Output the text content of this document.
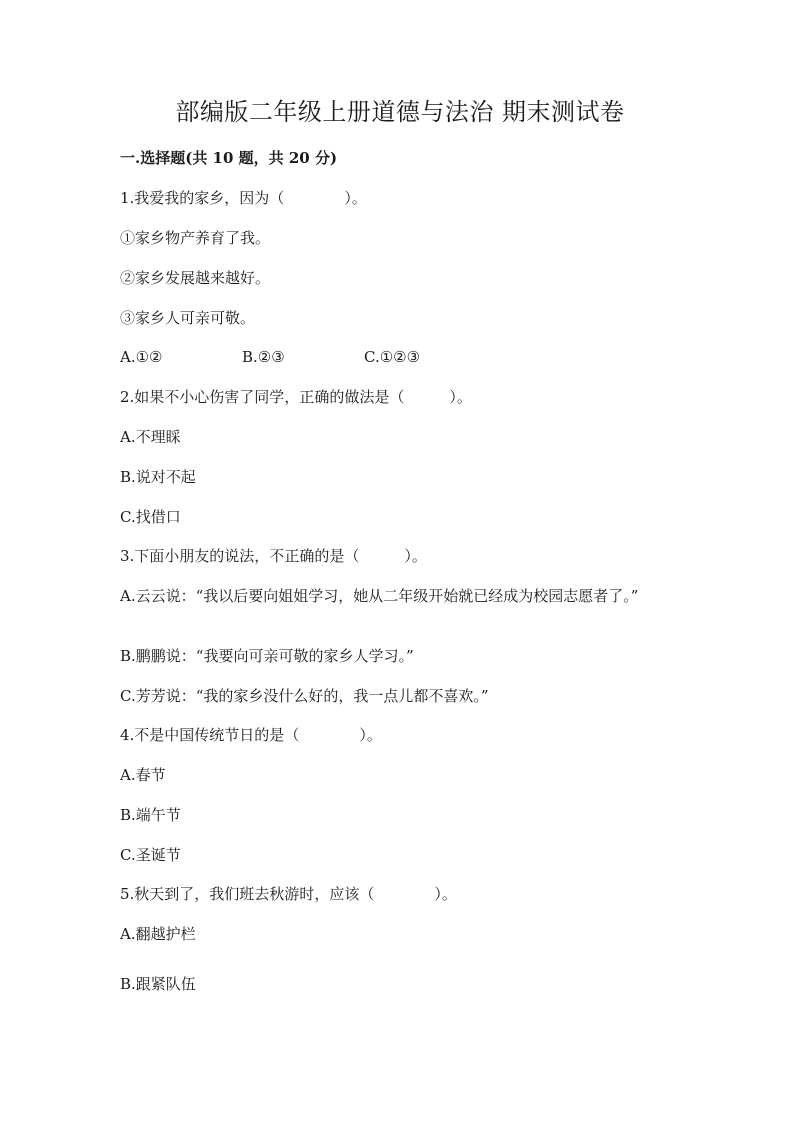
部编版二年级上册道德与法治 期末测试卷
一.选择题(共 10 题，共 20 分)
1.我爱我的家乡，因为（　　　　）。
①家乡物产养育了我。
②家乡发展越来越好。
③家乡人可亲可敬。
A.①②	B.②③	C.①②③
2.如果不小心伤害了同学，正确的做法是（　　　）。
A.不理睬
B.说对不起
C.找借口
3.下面小朋友的说法，不正确的是（　　　）。
A.云云说：“我以后要向姐姐学习，她从二年级开始就已经成为校园志愿者了。”
B.鹏鹏说：“我要向可亲可敬的家乡人学习。”
C.芳芳说：“我的家乡没什么好的，我一点儿都不喜欢。”
4.不是中国传统节日的是（　　　　）。
A.春节
B.端午节
C.圣诞节
5.秋天到了，我们班去秋游时，应该（　　　　）。
A.翻越护栏
B.跟紧队伍
